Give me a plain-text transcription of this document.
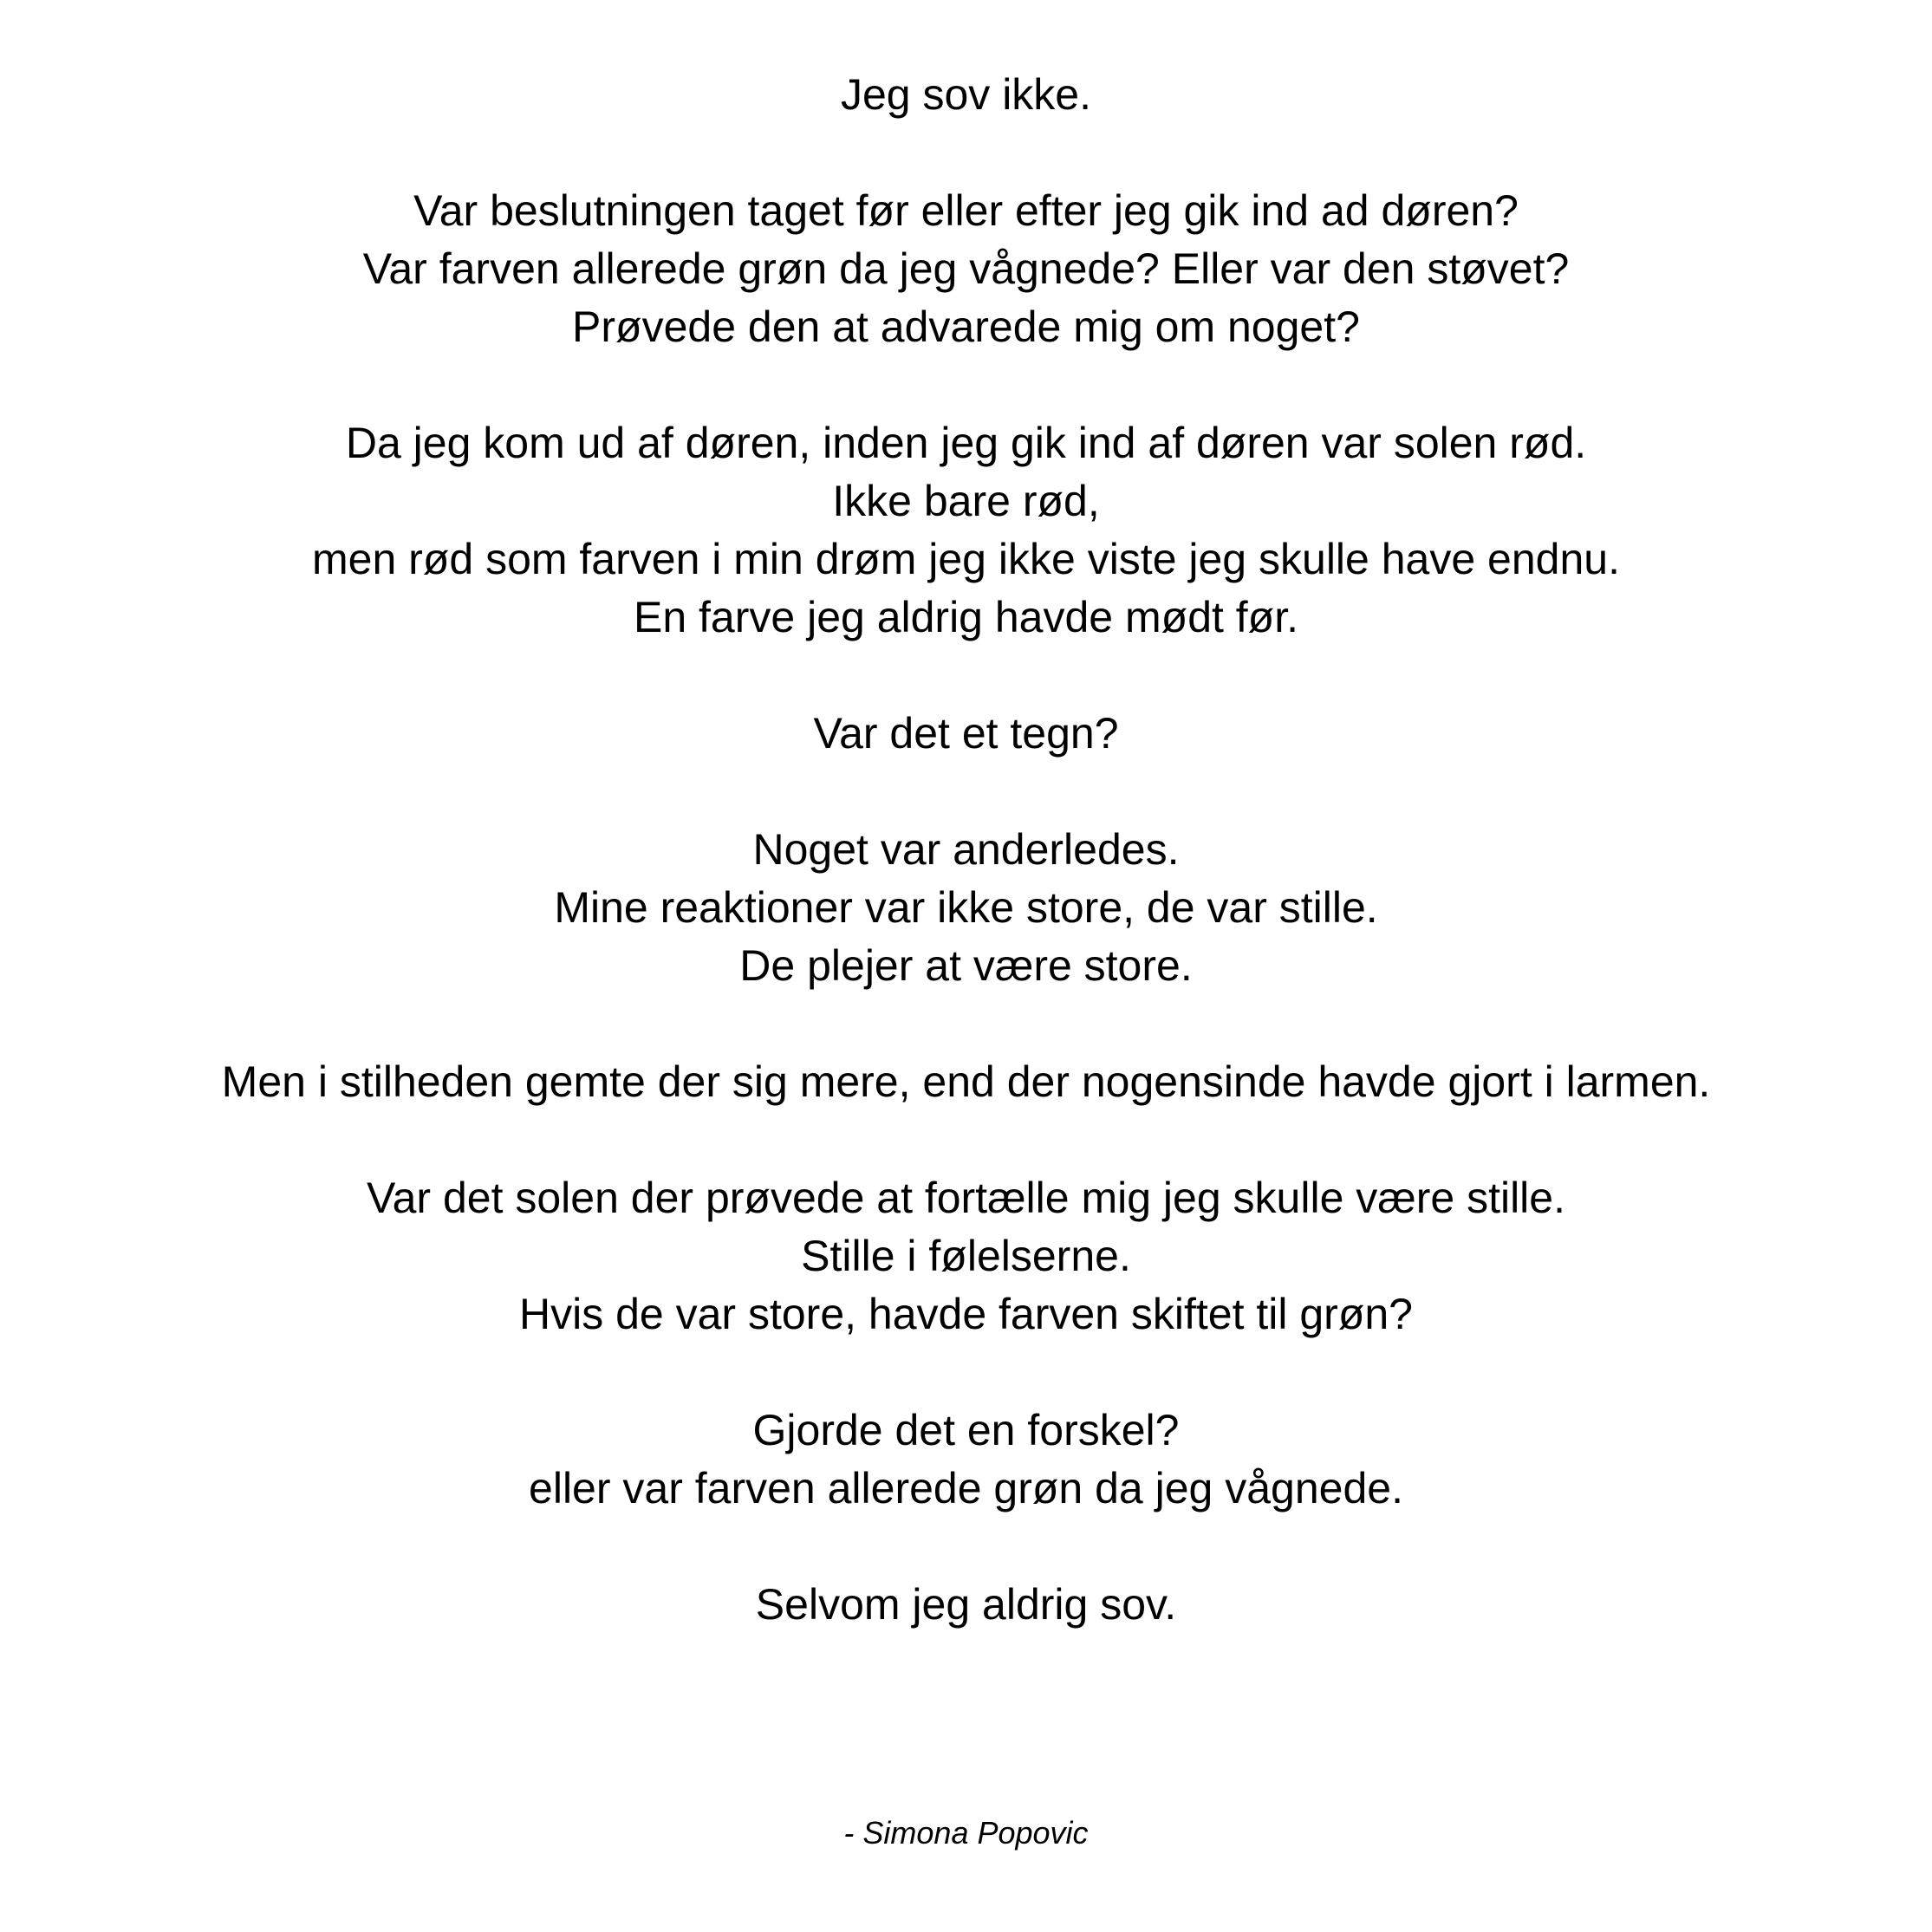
Jeg sov ikke.
Var beslutningen taget før eller efter jeg gik ind ad døren?
Var farven allerede grøn da jeg vågnede? Eller var den støvet?
Prøvede den at advarede mig om noget?
Da jeg kom ud af døren, inden jeg gik ind af døren var solen rød.
Ikke bare rød,
men rød som farven i min drøm jeg ikke viste jeg skulle have endnu.
En farve jeg aldrig havde mødt før.
Var det et tegn?
Noget var anderledes.
Mine reaktioner var ikke store, de var stille.
De plejer at være store.
Men i stilheden gemte der sig mere, end der nogensinde havde gjort i larmen.
Var det solen der prøvede at fortælle mig jeg skulle være stille.
Stille i følelserne.
Hvis de var store, havde farven skiftet til grøn?
Gjorde det en forskel?
eller var farven allerede grøn da jeg vågnede.
Selvom jeg aldrig sov.
- Simona Popovic
